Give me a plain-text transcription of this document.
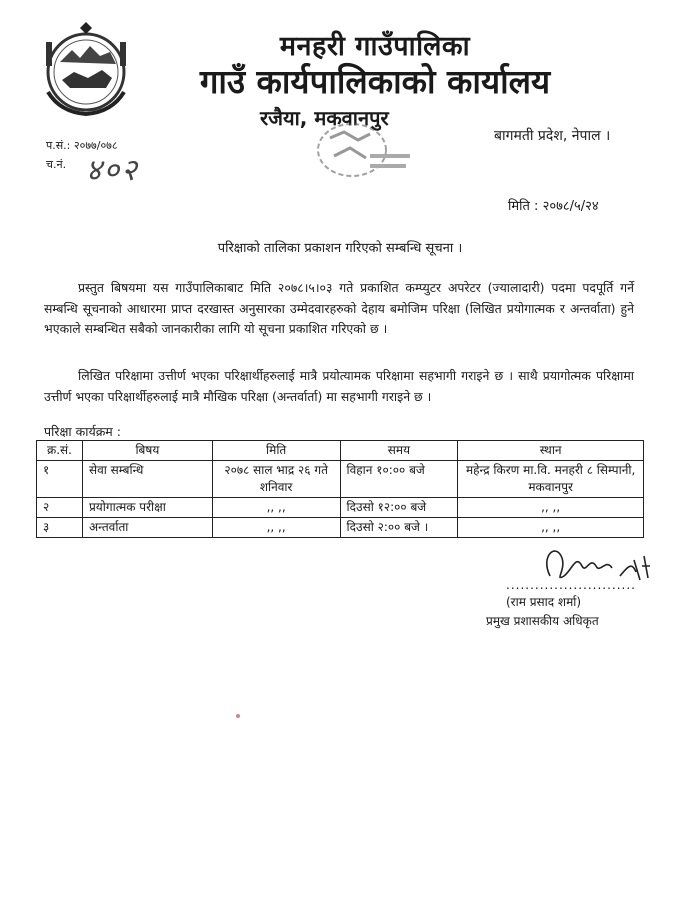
मनहरी गाउँपालिका
गाउँ कार्यपालिकाको कार्यालय
रजैया, मकवानपुर
बागमती प्रदेश, नेपाल ।
प.सं.: २०७७/०७८
च.नं. ४०२
मिति : २०७८/५/२४
परिक्षाको तालिका प्रकाशन गरिएको सम्बन्धि सूचना ।
प्रस्तुत बिषयमा यस गाउँपालिकाबाट मिति २०७८।५।०३ गते प्रकाशित कम्प्युटर अपरेटर (ज्यालादारी) पदमा पदपूर्ति गर्ने सम्बन्धि सूचनाको आधारमा प्राप्त दरखास्त अनुसारका उम्मेदवारहरुको देहाय बमोजिम परिक्षा (लिखित प्रयोगात्मक र अन्तर्वाता) हुने भएकाले सम्बन्धित सबैको जानकारीका लागि यो सूचना प्रकाशित गरिएको छ ।
लिखित परिक्षामा उत्तीर्ण भएका परिक्षार्थीहरुलाई मात्रै प्रयोत्यामक परिक्षामा सहभागी गराइने छ । साथै प्रयागोत्मक परिक्षामा उत्तीर्ण भएका परिक्षार्थीहरुलाई मात्रै मौखिक परिक्षा (अन्तर्वार्ता) मा सहभागी गराइने छ ।
परिक्षा कार्यक्रम :
क्र.सं.	बिषय	मिति	समय	स्थान
१	सेवा सम्बन्धि	२०७८ साल भाद्र २६ गते शनिवार	विहान १०:०० बजे	महेन्द्र किरण मा.वि. मनहरी ८ सिम्पानी, मकवानपुर
२	प्रयोगात्मक परीक्षा	,, ,,	दिउसो १२:०० बजे	,, ,,
३	अन्तर्वाता	,, ,,	दिउसो २:०० बजे ।	,, ,,
...........................
(राम प्रसाद शर्मा)
प्रमुख प्रशासकीय अधिकृत
